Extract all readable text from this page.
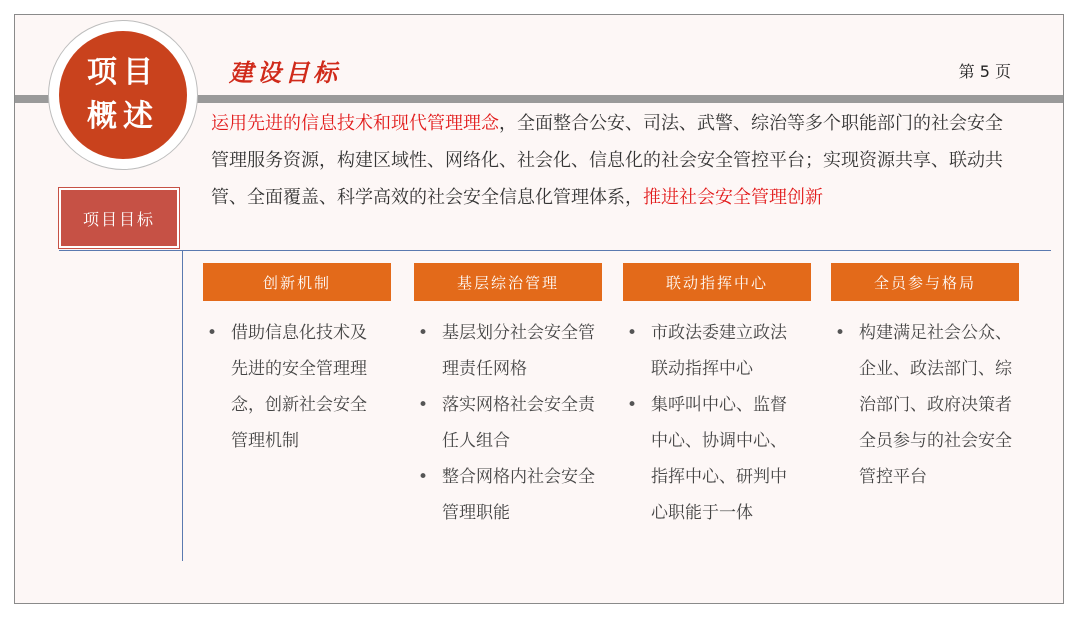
项目
概述
建设目标	第 5 页
项目目标
运用先进的信息技术和现代管理理念，全面整合公安、司法、武警、综治等多个职能部门的社会安全管理服务资源，构建区域性、网络化、社会化、信息化的社会安全管控平台；实现资源共享、联动共管、全面覆盖、科学高效的社会安全信息化管理体系，推进社会安全管理创新
创新机制
• 借助信息化技术及先进的安全管理理念，创新社会安全管理机制
基层综治管理
• 基层划分社会安全管理责任网格
• 落实网格社会安全责任人组合
• 整合网格内社会安全管理职能
联动指挥中心
• 市政法委建立政法联动指挥中心
• 集呼叫中心、监督中心、协调中心、指挥中心、研判中心职能于一体
全员参与格局
• 构建满足社会公众、企业、政法部门、综治部门、政府决策者全员参与的社会安全管控平台
